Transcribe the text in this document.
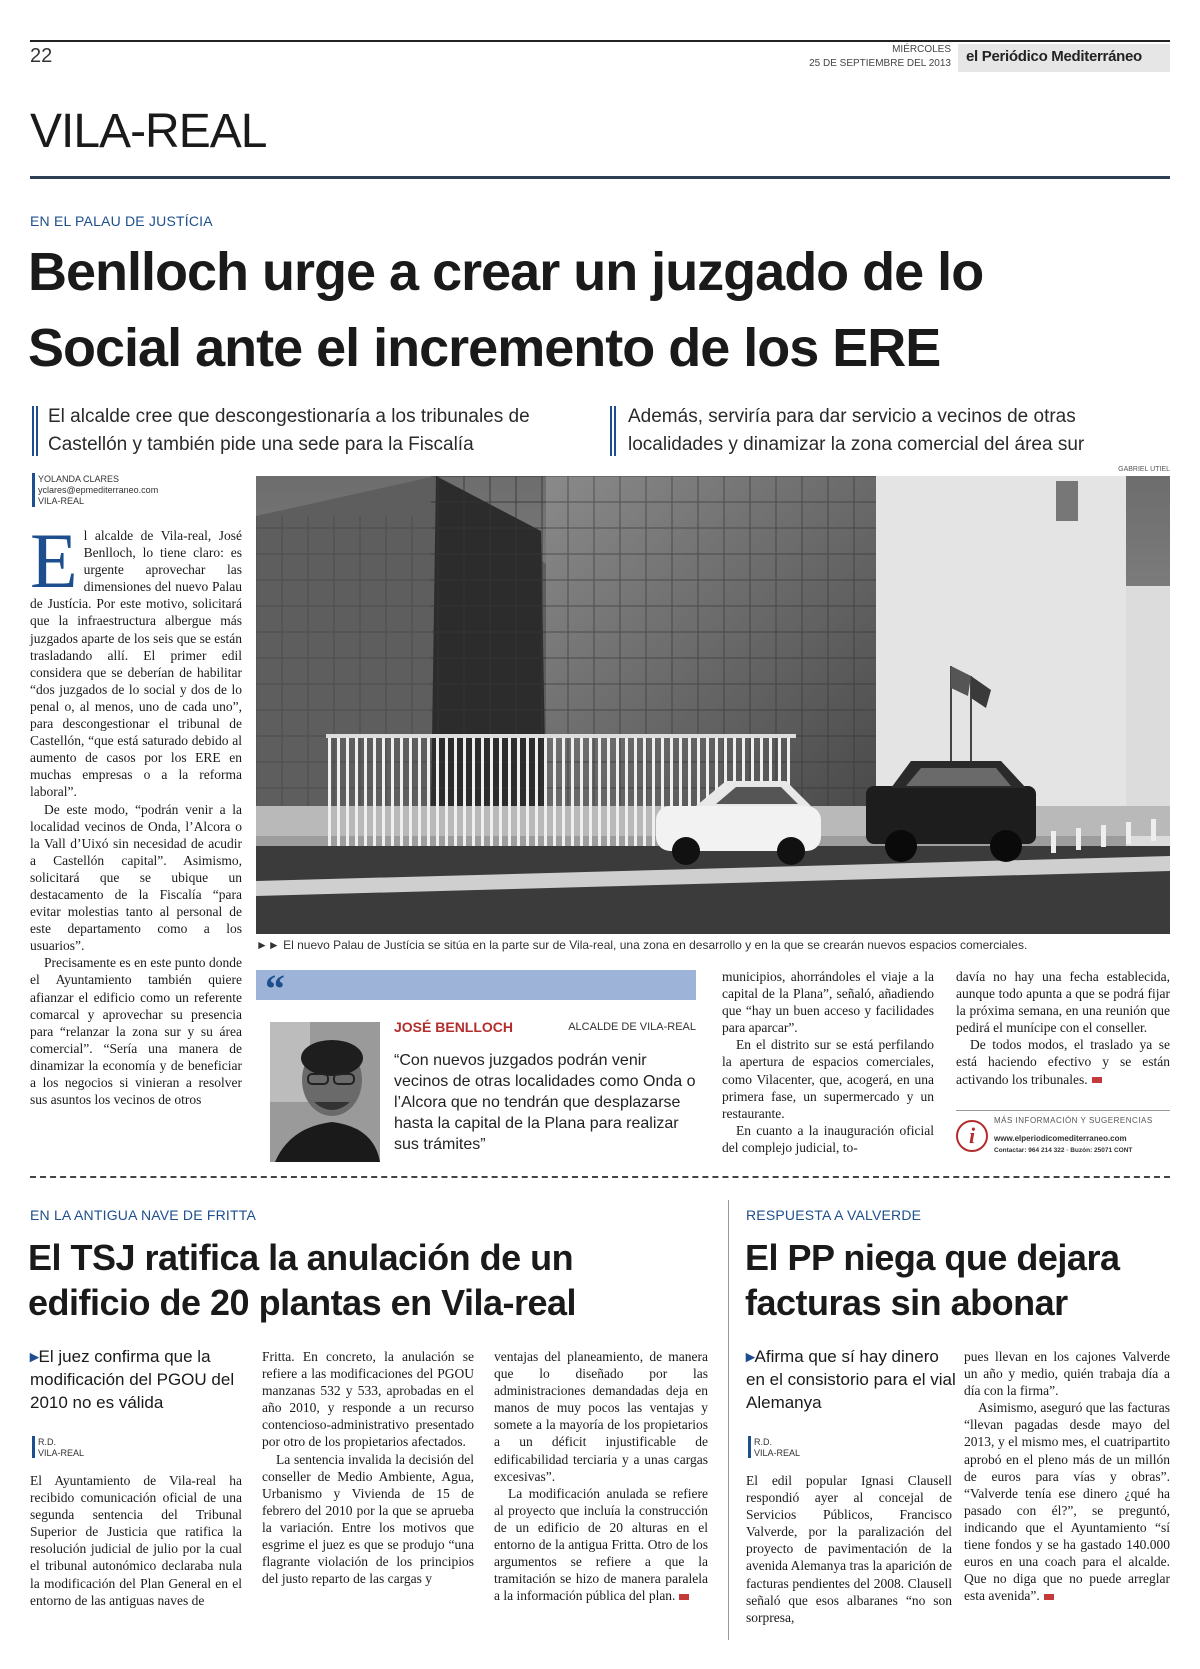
22	MIÉRCOLES
25 DE SEPTIEMBRE DEL 2013 el Periódico Mediterráneo
VILA-REAL
EN EL PALAU DE JUSTÍCIA
Benlloch urge a crear un juzgado de lo
Social ante el incremento de los ERE
El alcalde cree que descongestionaría a los tribunales de Castellón y también pide una sede para la Fiscalía
Además, serviría para dar servicio a vecinos de otras localidades y dinamizar la zona comercial del área sur
YOLANDA CLARES
yclares@epmediterraneo.com
VILA-REAL
GABRIEL UTIEL
►► El nuevo Palau de Justícia se sitúa en la parte sur de Vila-real, una zona en desarrollo y en la que se crearán nuevos espacios comerciales.

El alcalde de Vila-real, José Benlloch, lo tiene claro: es urgente aprovechar las dimensiones del nuevo Palau de Justícia. Por este motivo, solicitará que la infraestructura albergue más juzgados aparte de los seis que se están trasladando allí. El primer edil considera que se deberían de habilitar “dos juzgados de lo social y dos de lo penal o, al menos, uno de cada uno”, para descongestionar el tribunal de Castellón, “que está saturado debido al aumento de casos por los ERE en muchas empresas o a la reforma laboral”.

De este modo, “podrán venir a la localidad vecinos de Onda, l’Alcora o la Vall d’Uixó sin necesidad de acudir a Castellón capital”. Asimismo, solicitará que se ubique un destacamento de la Fiscalía “para evitar molestias tanto al personal de este departamento como a los usuarios”.

Precisamente es en este punto donde el Ayuntamiento también quiere afianzar el edificio como un referente comarcal y aprovechar su presencia para “relanzar la zona sur y su área comercial”. “Sería una manera de dinamizar la economía y de beneficiar a los negocios si vinieran a resolver sus asuntos los vecinos de otros

“
JOSÉ BENLLOCH	ALCALDE DE VILA-REAL
“Con nuevos juzgados podrán venir vecinos de otras localidades como Onda o l’Alcora que no tendrán que desplazarse hasta la capital de la Plana para realizar sus trámites”

municipios, ahorrándoles el viaje a la capital de la Plana”, señaló, añadiendo que “hay un buen acceso y facilidades para aparcar”.

En el distrito sur se está perfilando la apertura de espacios comerciales, como Vilacenter, que, acogerá, en una primera fase, un supermercado y un restaurante.

En cuanto a la inauguración oficial del complejo judicial, to-

davía no hay una fecha establecida, aunque todo apunta a que se podrá fijar la próxima semana, en una reunión que pedirá el munícipe con el conseller.

De todos modos, el traslado ya se está haciendo efectivo y se están activando los tribunales.

i
MÁS INFORMACIÓN Y SUGERENCIAS
www.elperiodicomediterraneo.com
Contactar: 964 214 322 · Buzón: 25071 CONT
EN LA ANTIGUA NAVE DE FRITTA
El TSJ ratifica la anulación de un
edificio de 20 plantas en Vila-real
▸El juez confirma que la modificación del PGOU del 2010 no es válida
R.D.
VILA-REAL

El Ayuntamiento de Vila-real ha recibido comunicación oficial de una segunda sentencia del Tribunal Superior de Justicia que ratifica la resolución judicial de julio por la cual el tribunal autonómico declaraba nula la modificación del Plan General en el entorno de las antiguas naves de

Fritta. En concreto, la anulación se refiere a las modificaciones del PGOU manzanas 532 y 533, aprobadas en el año 2010, y responde a un recurso contencioso-administrativo presentado por otro de los propietarios afectados.

La sentencia invalida la decisión del conseller de Medio Ambiente, Agua, Urbanismo y Vivienda de 15 de febrero del 2010 por la que se aprueba la variación. Entre los motivos que esgrime el juez es que se produjo “una flagrante violación de los principios del justo reparto de las cargas y

ventajas del planeamiento, de manera que lo diseñado por las administraciones demandadas deja en manos de muy pocos las ventajas y somete a la mayoría de los propietarios a un déficit injustificable de edificabilidad terciaria y a unas cargas excesivas”.

La modificación anulada se refiere al proyecto que incluía la construcción de un edificio de 20 alturas en el entorno de la antigua Fritta. Otro de los argumentos se refiere a que la tramitación se hizo de manera paralela a la información pública del plan.

RESPUESTA A VALVERDE
El PP niega que dejara
facturas sin abonar
▸Afirma que sí hay dinero en el consistorio para el vial Alemanya
R.D.
VILA-REAL

El edil popular Ignasi Clausell respondió ayer al concejal de Servicios Públicos, Francisco Valverde, por la paralización del proyecto de pavimentación de la avenida Alemanya tras la aparición de facturas pendientes del 2008. Clausell señaló que esos albaranes “no son sorpresa,

pues llevan en los cajones Valverde un año y medio, quién trabaja día a día con la firma”.

Asimismo, aseguró que las facturas “llevan pagadas desde mayo del 2013, y el mismo mes, el cuatripartito aprobó en el pleno más de un millón de euros para vías y obras”. “Valverde tenía ese dinero ¿qué ha pasado con él?”, se preguntó, indicando que el Ayuntamiento “sí tiene fondos y se ha gastado 140.000 euros en una coach para el alcalde. Que no diga que no puede arreglar esta avenida”.
